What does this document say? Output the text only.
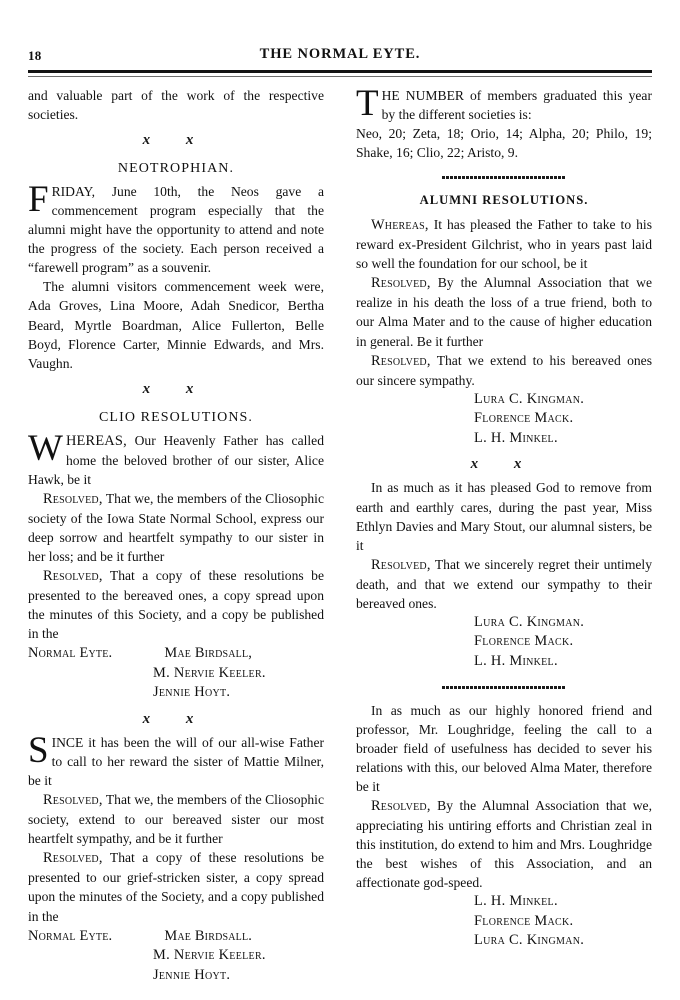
18	THE NORMAL EYTE.

and valuable part of the work of the respective societies.

x x

NEOTROPHIAN.

FRIDAY, June 10th, the Neos gave a commencement program especially that the alumni might have the opportunity to attend and note the progress of the society. Each person received a “farewell program” as a souvenir.

The alumni visitors commencement week were, Ada Groves, Lina Moore, Adah Snedicor, Bertha Beard, Myrtle Boardman, Alice Fullerton, Belle Boyd, Florence Carter, Minnie Edwards, and Mrs. Vaughn.

x x

CLIO RESOLUTIONS.

WHEREAS, Our Heavenly Father has called home the beloved brother of our sister, Alice Hawk, be it

Resolved, That we, the members of the Cliosophic society of the Iowa State Normal School, express our deep sorrow and heartfelt sympathy to our sister in her loss; and be it further

Resolved, That a copy of these resolutions be presented to the bereaved ones, a copy spread upon the minutes of this Society, and a copy be published in the

Normal Eyte.	Mae Birdsall,

M. Nervie Keeler.

Jennie Hoyt.

x x

SINCE it has been the will of our all-wise Father to call to her reward the sister of Mattie Milner, be it

Resolved, That we, the members of the Cliosophic society, extend to our bereaved sister our most heartfelt sympathy, and be it further

Resolved, That a copy of these resolutions be presented to our grief-stricken sister, a copy spread upon the minutes of the Society, and a copy published in the

Normal Eyte.	Mae Birdsall.

M. Nervie Keeler.

Jennie Hoyt.

THE NUMBER of members graduated this year by the different societies is:

Neo, 20; Zeta, 18; Orio, 14; Alpha, 20; Philo, 19; Shake, 16; Clio, 22; Aristo, 9.

ALUMNI RESOLUTIONS.

Whereas, It has pleased the Father to take to his reward ex-President Gilchrist, who in years past laid so well the foundation for our school, be it

Resolved, By the Alumnal Association that we realize in his death the loss of a true friend, both to our Alma Mater and to the cause of higher education in general. Be it further

Resolved, That we extend to his bereaved ones our sincere sympathy.

Lura C. Kingman.

Florence Mack.

L. H. Minkel.

x x

In as much as it has pleased God to remove from earth and earthly cares, during the past year, Miss Ethlyn Davies and Mary Stout, our alumnal sisters, be it

Resolved, That we sincerely regret their untimely death, and that we extend our sympathy to their bereaved ones.

Lura C. Kingman.

Florence Mack.

L. H. Minkel.

In as much as our highly honored friend and professor, Mr. Loughridge, feeling the call to a broader field of usefulness has decided to sever his relations with this, our beloved Alma Mater, therefore be it

Resolved, By the Alumnal Association that we, appreciating his untiring efforts and Christian zeal in this institution, do extend to him and Mrs. Loughridge the best wishes of this Association, and an affectionate god-speed.

L. H. Minkel.

Florence Mack.

Lura C. Kingman.
